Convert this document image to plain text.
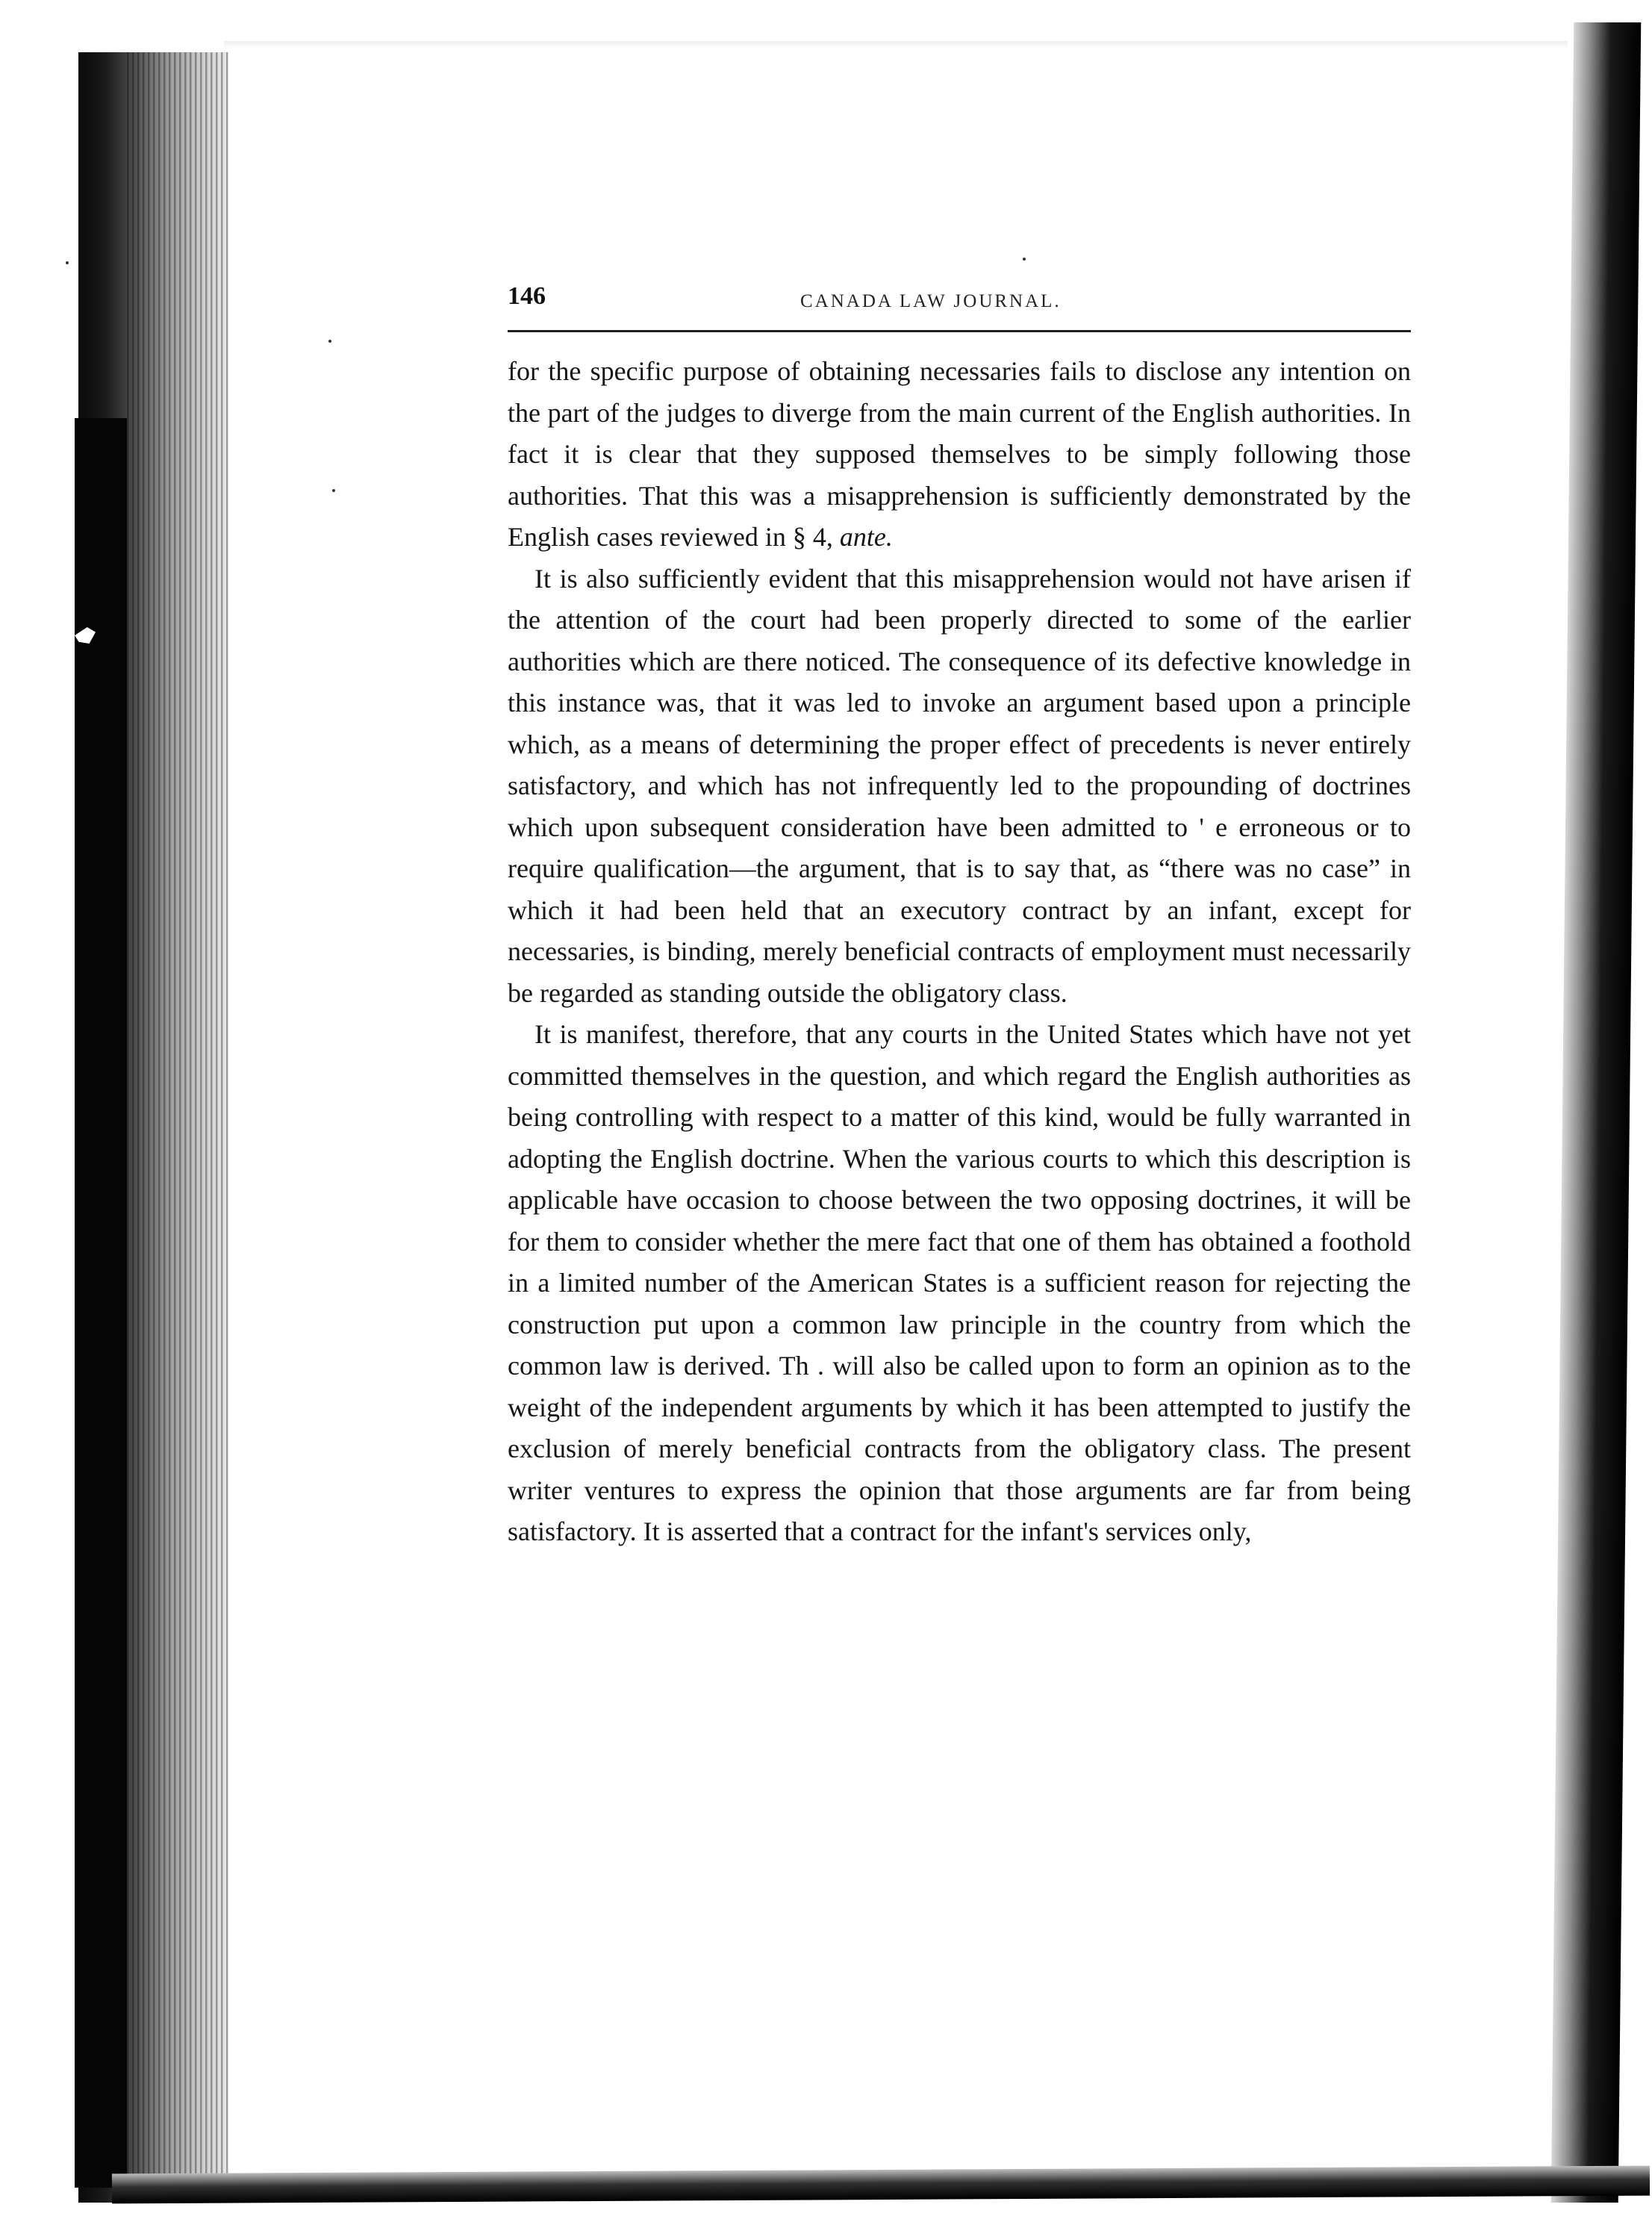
146	CANADA LAW JOURNAL.

for the specific purpose of obtaining necessaries fails to disclose any intention on the part of the judges to diverge from the main current of the English authorities. In fact it is clear that they supposed themselves to be simply following those authorities. That this was a misapprehension is sufficiently demonstrated by the English cases reviewed in § 4, ante.

It is also sufficiently evident that this misapprehension would not have arisen if the attention of the court had been properly directed to some of the earlier authorities which are there noticed. The consequence of its defective knowledge in this instance was, that it was led to invoke an argument based upon a principle which, as a means of determining the proper effect of precedents is never entirely satisfactory, and which has not infrequently led to the propounding of doctrines which upon subsequent consideration have been admitted to ' e erroneous or to require qualification—the argument, that is to say that, as “there was no case” in which it had been held that an executory contract by an infant, except for necessaries, is binding, merely beneficial contracts of employment must necessarily be regarded as standing outside the obligatory class.

It is manifest, therefore, that any courts in the United States which have not yet committed themselves in the question, and which regard the English authorities as being controlling with respect to a matter of this kind, would be fully warranted in adopting the English doctrine. When the various courts to which this description is applicable have occasion to choose between the two opposing doctrines, it will be for them to consider whether the mere fact that one of them has obtained a foothold in a limited number of the American States is a sufficient reason for rejecting the construction put upon a common law principle in the country from which the common law is derived. Th . will also be called upon to form an opinion as to the weight of the independent arguments by which it has been attempted to justify the exclusion of merely beneficial contracts from the obligatory class. The present writer ventures to express the opinion that those arguments are far from being satisfactory. It is asserted that a contract for the infant's services only,
